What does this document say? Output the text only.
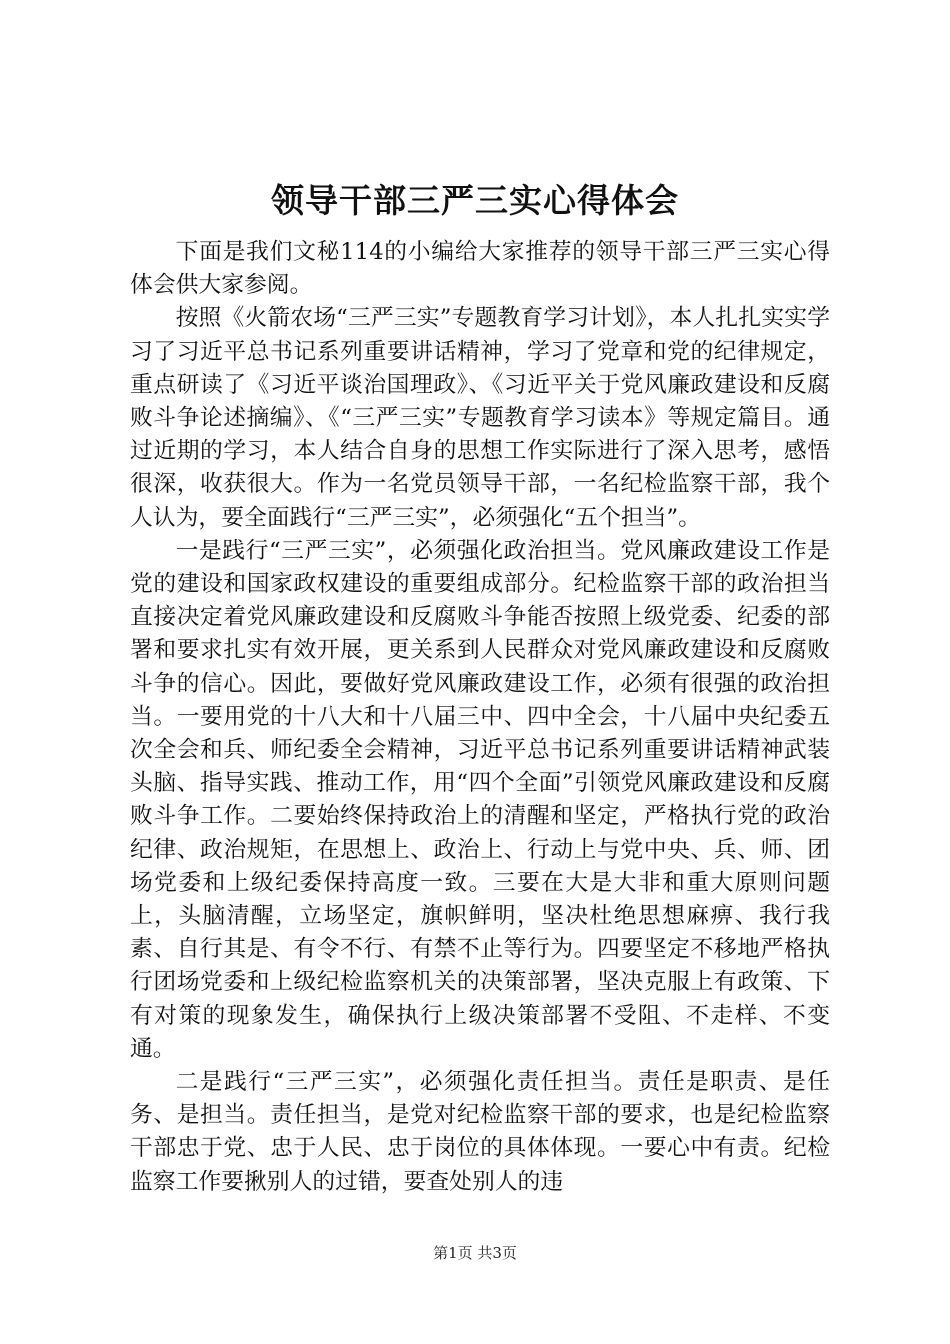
领导干部三严三实心得体会

下面是我们文秘114的小编给大家推荐的领导干部三严三实心得体会供大家参阅。

按照《火箭农场“三严三实”专题教育学习计划》，本人扎扎实实学习了习近平总书记系列重要讲话精神，学习了党章和党的纪律规定，重点研读了《习近平谈治国理政》、《习近平关于党风廉政建设和反腐败斗争论述摘编》、《“三严三实”专题教育学习读本》等规定篇目。通过近期的学习，本人结合自身的思想工作实际进行了深入思考，感悟很深，收获很大。作为一名党员领导干部，一名纪检监察干部，我个人认为，要全面践行“三严三实”，必须强化“五个担当”。

一是践行“三严三实”，必须强化政治担当。党风廉政建设工作是党的建设和国家政权建设的重要组成部分。纪检监察干部的政治担当直接决定着党风廉政建设和反腐败斗争能否按照上级党委、纪委的部署和要求扎实有效开展，更关系到人民群众对党风廉政建设和反腐败斗争的信心。因此，要做好党风廉政建设工作，必须有很强的政治担当。一要用党的十八大和十八届三中、四中全会，十八届中央纪委五次全会和兵、师纪委全会精神，习近平总书记系列重要讲话精神武装头脑、指导实践、推动工作，用“四个全面”引领党风廉政建设和反腐败斗争工作。二要始终保持政治上的清醒和坚定，严格执行党的政治纪律、政治规矩，在思想上、政治上、行动上与党中央、兵、师、团场党委和上级纪委保持高度一致。三要在大是大非和重大原则问题上，头脑清醒，立场坚定，旗帜鲜明，坚决杜绝思想麻痹、我行我素、自行其是、有令不行、有禁不止等行为。四要坚定不移地严格执行团场党委和上级纪检监察机关的决策部署，坚决克服上有政策、下有对策的现象发生，确保执行上级决策部署不受阻、不走样、不变通。

二是践行“三严三实”，必须强化责任担当。责任是职责、是任务、是担当。责任担当，是党对纪检监察干部的要求，也是纪检监察干部忠于党、忠于人民、忠于岗位的具体体现。一要心中有责。纪检监察工作要揪别人的过错，要查处别人的违

第1页 共3页
